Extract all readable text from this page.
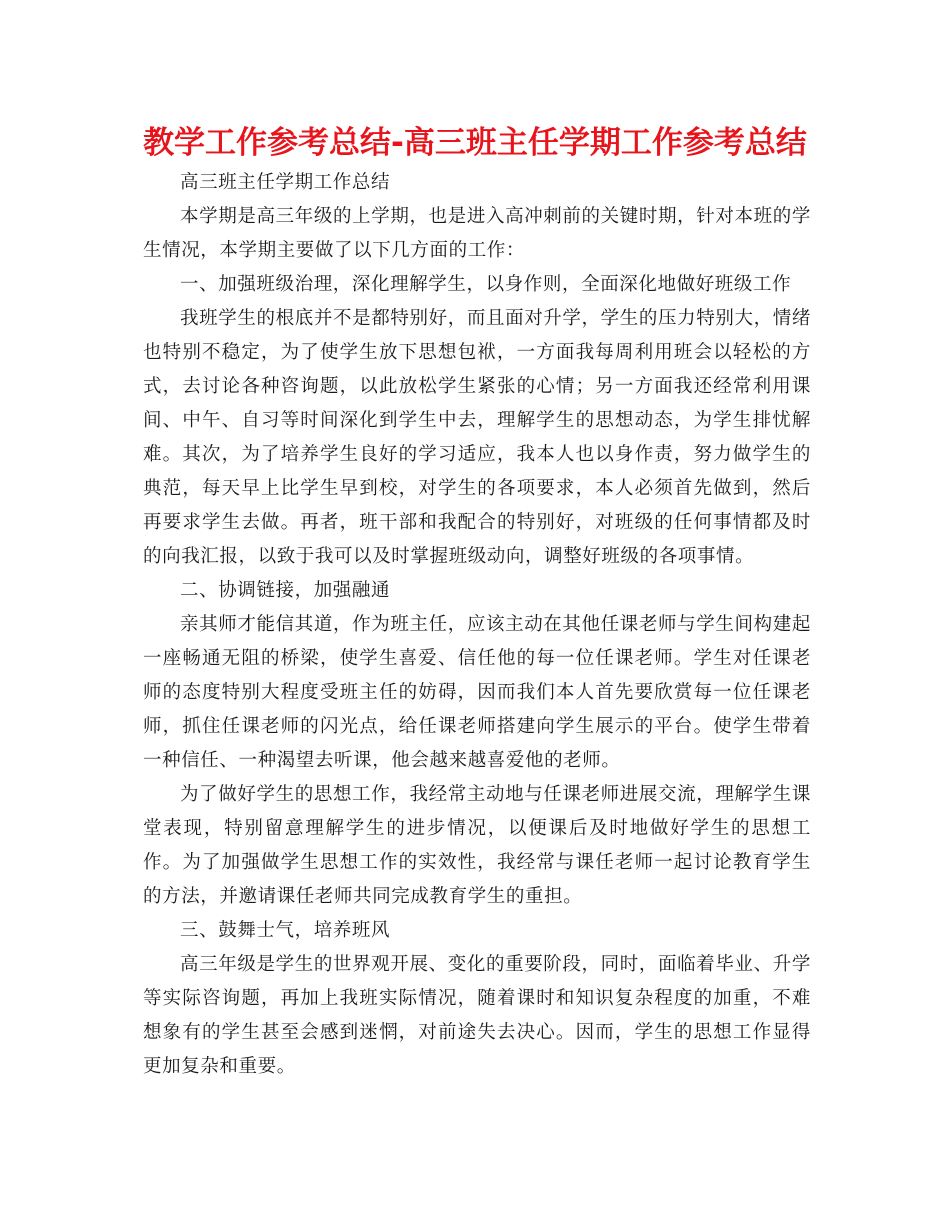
教学工作参考总结-高三班主任学期工作参考总结

高三班主任学期工作总结

本学期是高三年级的上学期，也是进入高冲刺前的关键时期，针对本班的学生情况，本学期主要做了以下几方面的工作：

一、加强班级治理，深化理解学生，以身作则，全面深化地做好班级工作

我班学生的根底并不是都特别好，而且面对升学，学生的压力特别大，情绪也特别不稳定，为了使学生放下思想包袱，一方面我每周利用班会以轻松的方式，去讨论各种咨询题，以此放松学生紧张的心情；另一方面我还经常利用课间、中午、自习等时间深化到学生中去，理解学生的思想动态，为学生排忧解难。其次，为了培养学生良好的学习适应，我本人也以身作责，努力做学生的典范，每天早上比学生早到校，对学生的各项要求，本人必须首先做到，然后再要求学生去做。再者，班干部和我配合的特别好，对班级的任何事情都及时的向我汇报，以致于我可以及时掌握班级动向，调整好班级的各项事情。

二、协调链接，加强融通

亲其师才能信其道，作为班主任，应该主动在其他任课老师与学生间构建起一座畅通无阻的桥梁，使学生喜爱、信任他的每一位任课老师。学生对任课老师的态度特别大程度受班主任的妨碍，因而我们本人首先要欣赏每一位任课老师，抓住任课老师的闪光点，给任课老师搭建向学生展示的平台。使学生带着一种信任、一种渴望去听课，他会越来越喜爱他的老师。

为了做好学生的思想工作，我经常主动地与任课老师进展交流，理解学生课堂表现，特别留意理解学生的进步情况，以便课后及时地做好学生的思想工作。为了加强做学生思想工作的实效性，我经常与课任老师一起讨论教育学生的方法，并邀请课任老师共同完成教育学生的重担。

三、鼓舞士气，培养班风

高三年级是学生的世界观开展、变化的重要阶段，同时，面临着毕业、升学等实际咨询题，再加上我班实际情况，随着课时和知识复杂程度的加重，不难想象有的学生甚至会感到迷惘，对前途失去决心。因而，学生的思想工作显得更加复杂和重要。
